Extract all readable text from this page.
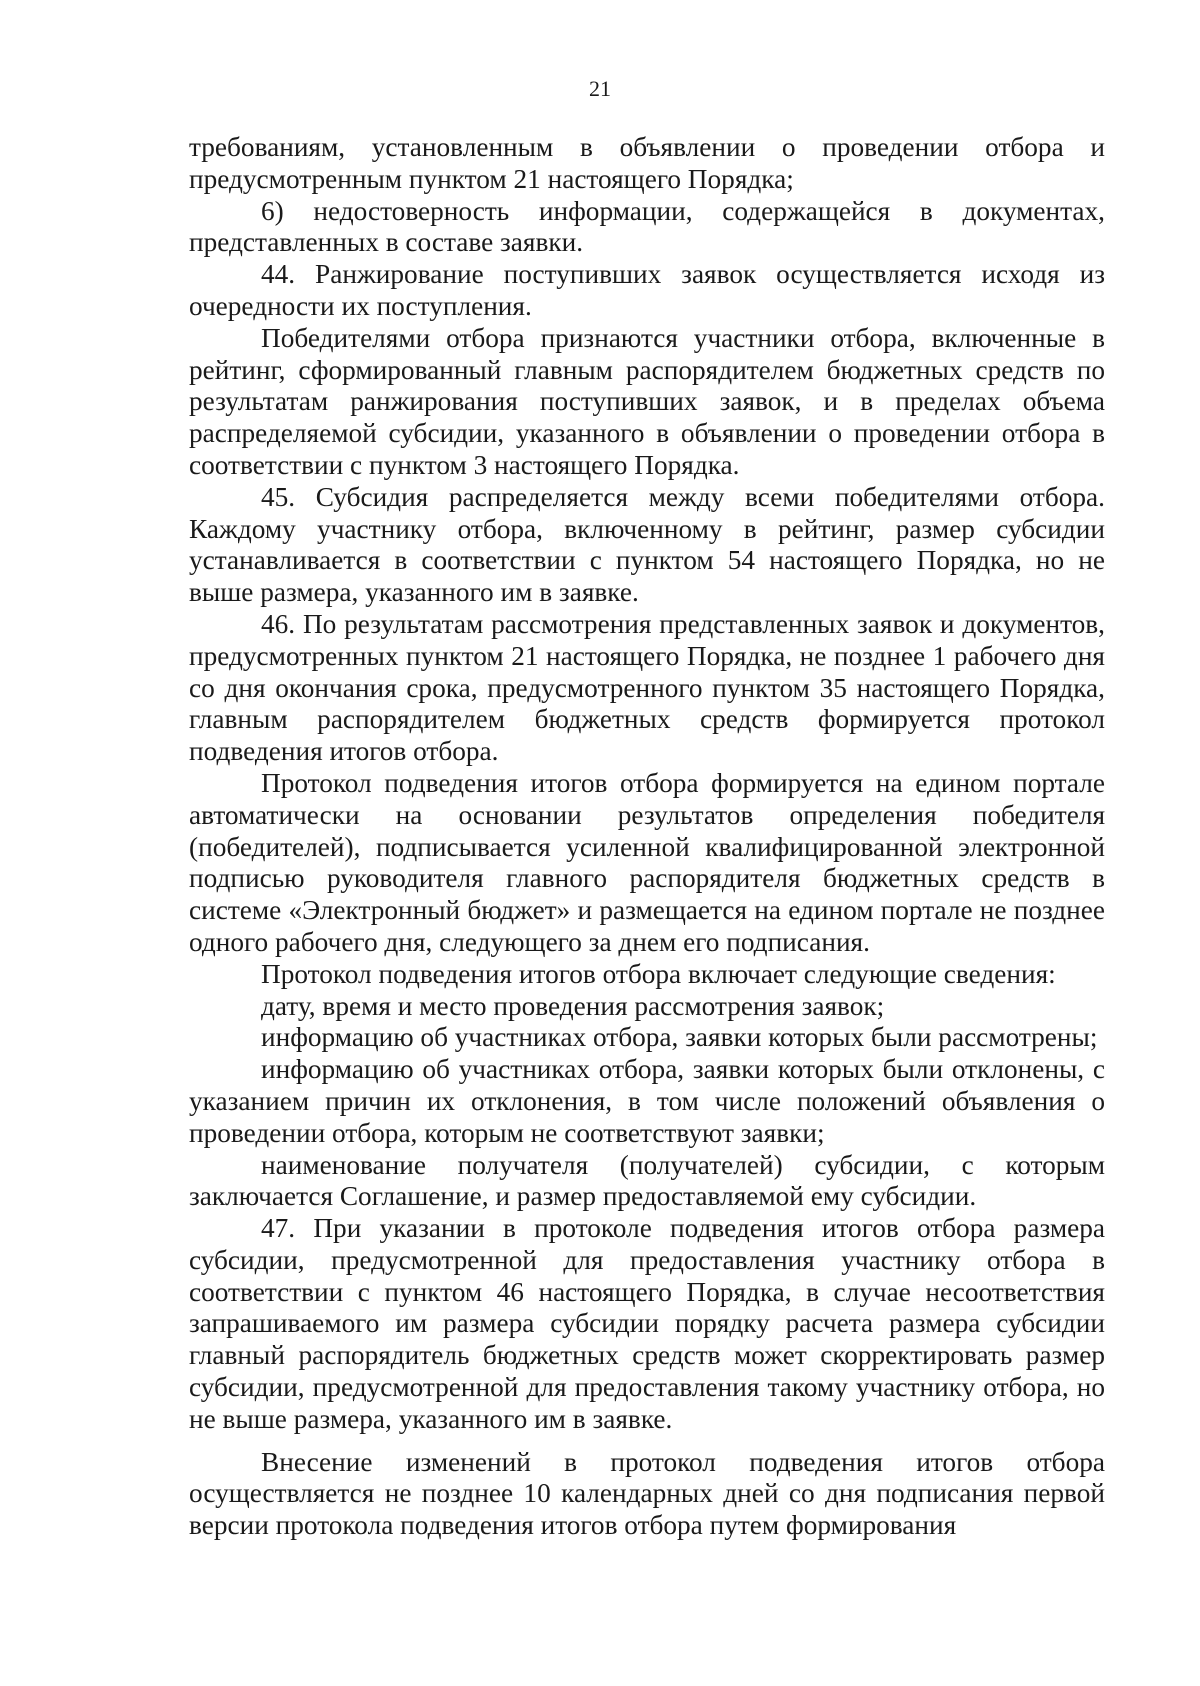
21

требованиям, установленным в объявлении о проведении отбора и предусмотренным пунктом 21 настоящего Порядка;

6) недостоверность информации, содержащейся в документах, представленных в составе заявки.

44. Ранжирование поступивших заявок осуществляется исходя из очередности их поступления.

Победителями отбора признаются участники отбора, включенные в рейтинг, сформированный главным распорядителем бюджетных средств по результатам ранжирования поступивших заявок, и в пределах объема распределяемой субсидии, указанного в объявлении о проведении отбора в соответствии с пунктом 3 настоящего Порядка.

45. Субсидия распределяется между всеми победителями отбора. Каждому участнику отбора, включенному в рейтинг, размер субсидии устанавливается в соответствии с пунктом 54 настоящего Порядка, но не выше размера, указанного им в заявке.

46. По результатам рассмотрения представленных заявок и документов, предусмотренных пунктом 21 настоящего Порядка, не позднее 1 рабочего дня со дня окончания срока, предусмотренного пунктом 35 настоящего Порядка, главным распорядителем бюджетных средств формируется протокол подведения итогов отбора.

Протокол подведения итогов отбора формируется на едином портале автоматически на основании результатов определения победителя (победителей), подписывается усиленной квалифицированной электронной подписью руководителя главного распорядителя бюджетных средств в системе «Электронный бюджет» и размещается на едином портале не позднее одного рабочего дня, следующего за днем его подписания.

Протокол подведения итогов отбора включает следующие сведения:

дату, время и место проведения рассмотрения заявок;

информацию об участниках отбора, заявки которых были рассмотрены;

информацию об участниках отбора, заявки которых были отклонены, с указанием причин их отклонения, в том числе положений объявления о проведении отбора, которым не соответствуют заявки;

наименование получателя (получателей) субсидии, с которым заключается Соглашение, и размер предоставляемой ему субсидии.

47. При указании в протоколе подведения итогов отбора размера субсидии, предусмотренной для предоставления участнику отбора в соответствии с пунктом 46 настоящего Порядка, в случае несоответствия запрашиваемого им размера субсидии порядку расчета размера субсидии главный распорядитель бюджетных средств может скорректировать размер субсидии, предусмотренной для предоставления такому участнику отбора, но не выше размера, указанного им в заявке.

Внесение изменений в протокол подведения итогов отбора осуществляется не позднее 10 календарных дней со дня подписания первой версии протокола подведения итогов отбора путем формирования
